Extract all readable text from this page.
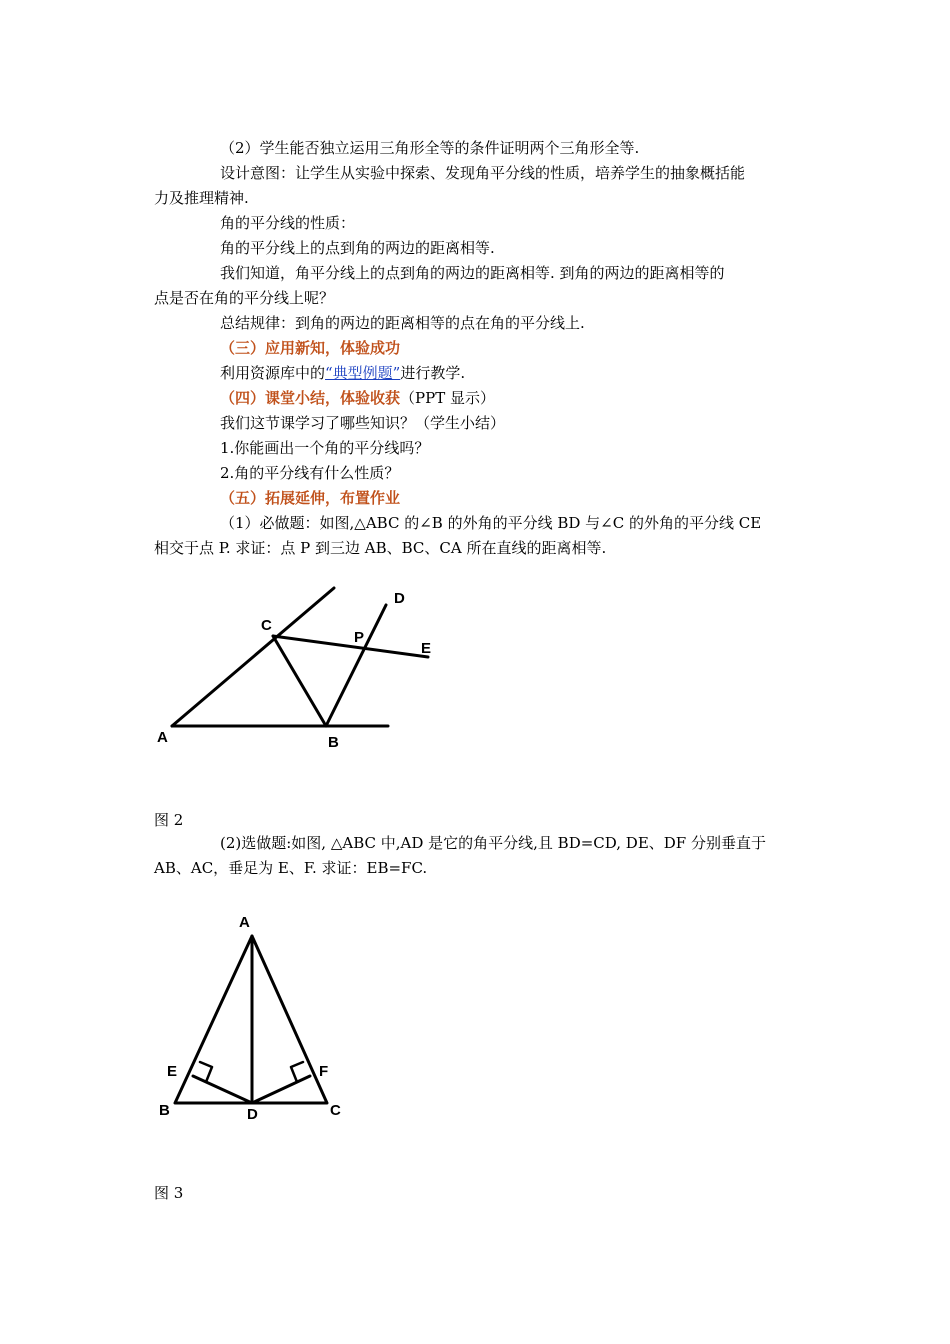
（2）学生能否独立运用三角形全等的条件证明两个三角形全等.
设计意图：让学生从实验中探索、发现角平分线的性质，培养学生的抽象概括能
力及推理精神.
角的平分线的性质：
角的平分线上的点到角的两边的距离相等.
我们知道，角平分线上的点到角的两边的距离相等. 到角的两边的距离相等的
点是否在角的平分线上呢？
总结规律：到角的两边的距离相等的点在角的平分线上.
（三）应用新知，体验成功
利用资源库中的“典型例题”进行教学.
（四）课堂小结，体验收获（PPT 显示）
我们这节课学习了哪些知识？（学生小结）
1.你能画出一个角的平分线吗？
2.角的平分线有什么性质？
（五）拓展延伸，布置作业
（1）必做题：如图,△ABC 的∠B 的外角的平分线 BD 与∠C 的外角的平分线 CE
相交于点 P. 求证：点 P 到三边 AB、BC、CA 所在直线的距离相等.
A	B
C
D
E
P
图 2
(2)选做题:如图, △ABC 中,AD 是它的角平分线,且 BD=CD, DE、DF 分别垂直于
AB、AC，垂足为 E、F. 求证：EB=FC.
A
B	C
D
E	F
图 3
